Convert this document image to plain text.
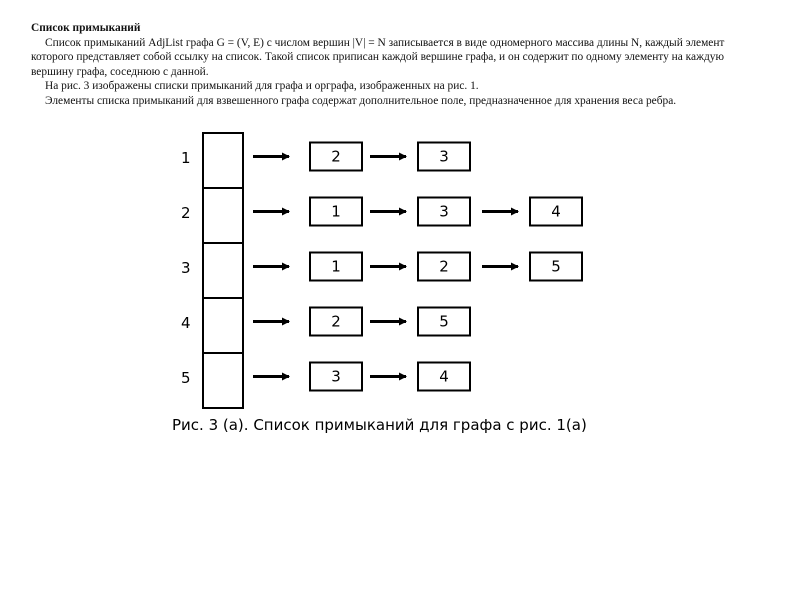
Список примыканий
Список примыканий AdjList графа G = (V, E) с числом вершин |V| = N записывается в виде одномерного массива длины N, каждый элемент которого представляет собой ссылку на список. Такой список приписан каждой вершине графа, и он содержит по одному элементу на каждую вершину графа, соседнюю с данной.
На рис. 3 изображены списки примыканий для графа и орграфа, изображенных на рис. 1.
Элементы списка примыканий для взвешенного графа содержат дополнительное поле, предназначенное для хранения веса ребра.
1	2	3
2	1	3	4
3	1	2	5
4	2	5
5	3	4
Рис. 3 (a). Список примыканий для графа с рис. 1(a)
